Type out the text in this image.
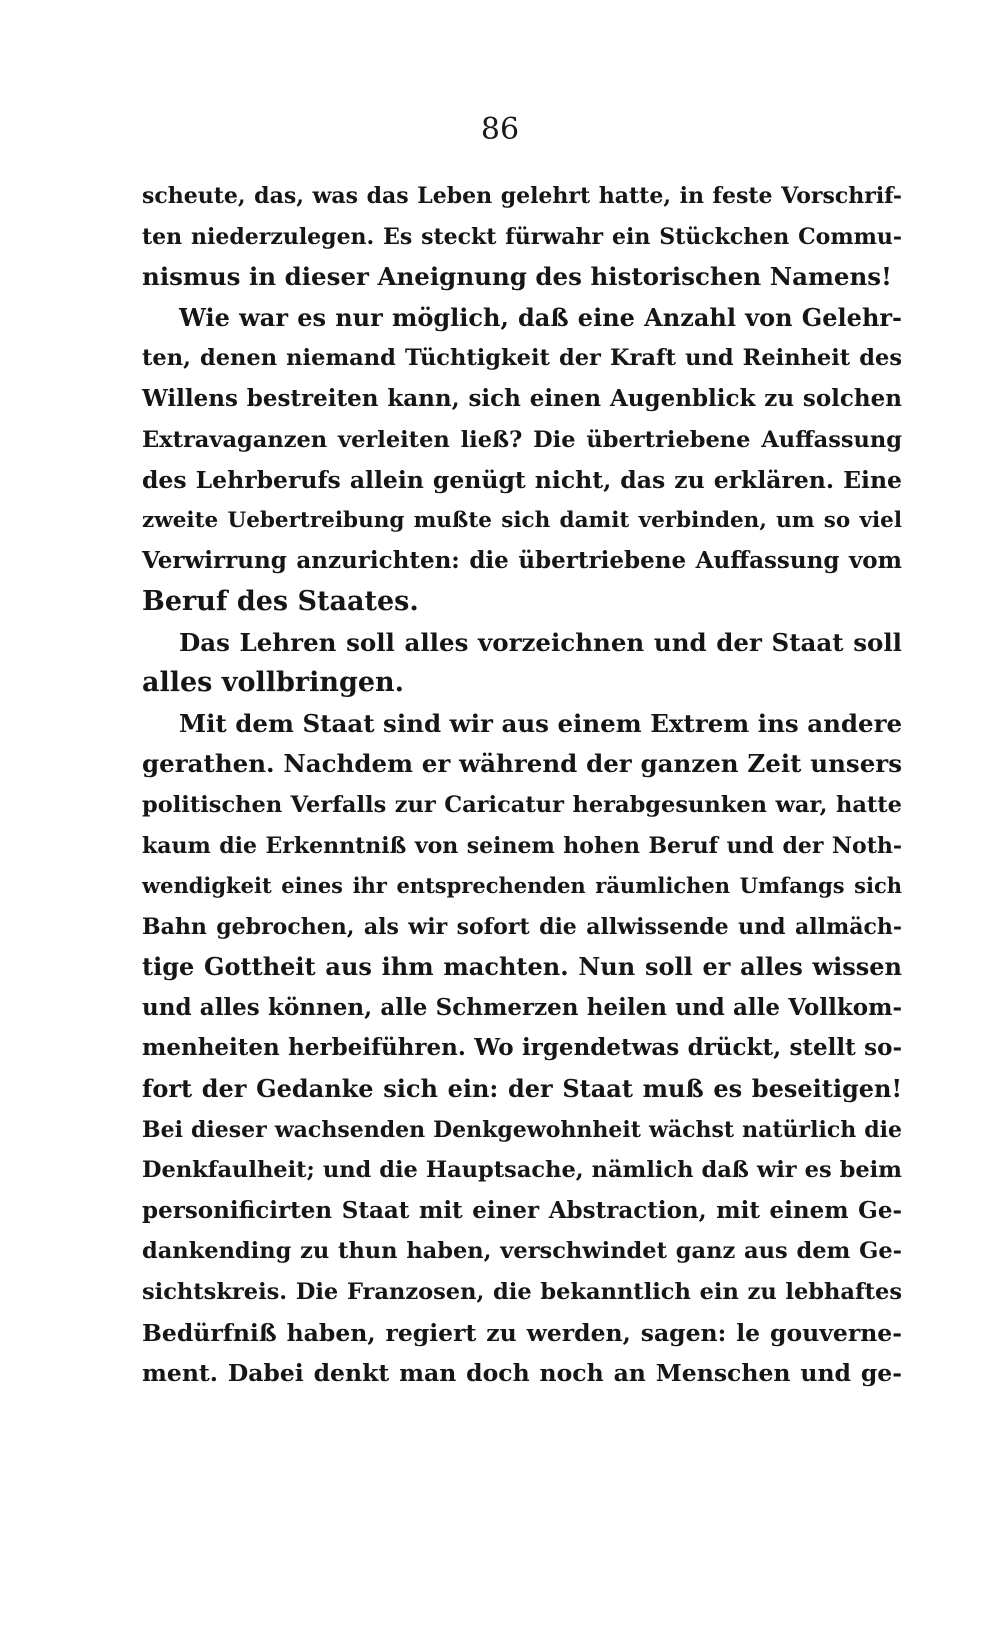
86
scheute, das, was das Leben gelehrt hatte, in feste Vorschrif-
ten niederzulegen. Es steckt fürwahr ein Stückchen Commu-
nismus in dieser Aneignung des historischen Namens!
Wie war es nur möglich, daß eine Anzahl von Gelehr-
ten, denen niemand Tüchtigkeit der Kraft und Reinheit des
Willens bestreiten kann, sich einen Augenblick zu solchen
Extravaganzen verleiten ließ? Die übertriebene Auffassung
des Lehrberufs allein genügt nicht, das zu erklären. Eine
zweite Uebertreibung mußte sich damit verbinden, um so viel
Verwirrung anzurichten: die übertriebene Auffassung vom
Beruf des Staates.
Das Lehren soll alles vorzeichnen und der Staat soll
alles vollbringen.
Mit dem Staat sind wir aus einem Extrem ins andere
gerathen. Nachdem er während der ganzen Zeit unsers
politischen Verfalls zur Caricatur herabgesunken war, hatte
kaum die Erkenntniß von seinem hohen Beruf und der Noth-
wendigkeit eines ihr entsprechenden räumlichen Umfangs sich
Bahn gebrochen, als wir sofort die allwissende und allmäch-
tige Gottheit aus ihm machten. Nun soll er alles wissen
und alles können, alle Schmerzen heilen und alle Vollkom-
menheiten herbeiführen. Wo irgendetwas drückt, stellt so-
fort der Gedanke sich ein: der Staat muß es beseitigen!
Bei dieser wachsenden Denkgewohnheit wächst natürlich die
Denkfaulheit; und die Hauptsache, nämlich daß wir es beim
personificirten Staat mit einer Abstraction, mit einem Ge-
dankending zu thun haben, verschwindet ganz aus dem Ge-
sichtskreis. Die Franzosen, die bekanntlich ein zu lebhaftes
Bedürfniß haben, regiert zu werden, sagen: le gouverne-
ment. Dabei denkt man doch noch an Menschen und ge-
